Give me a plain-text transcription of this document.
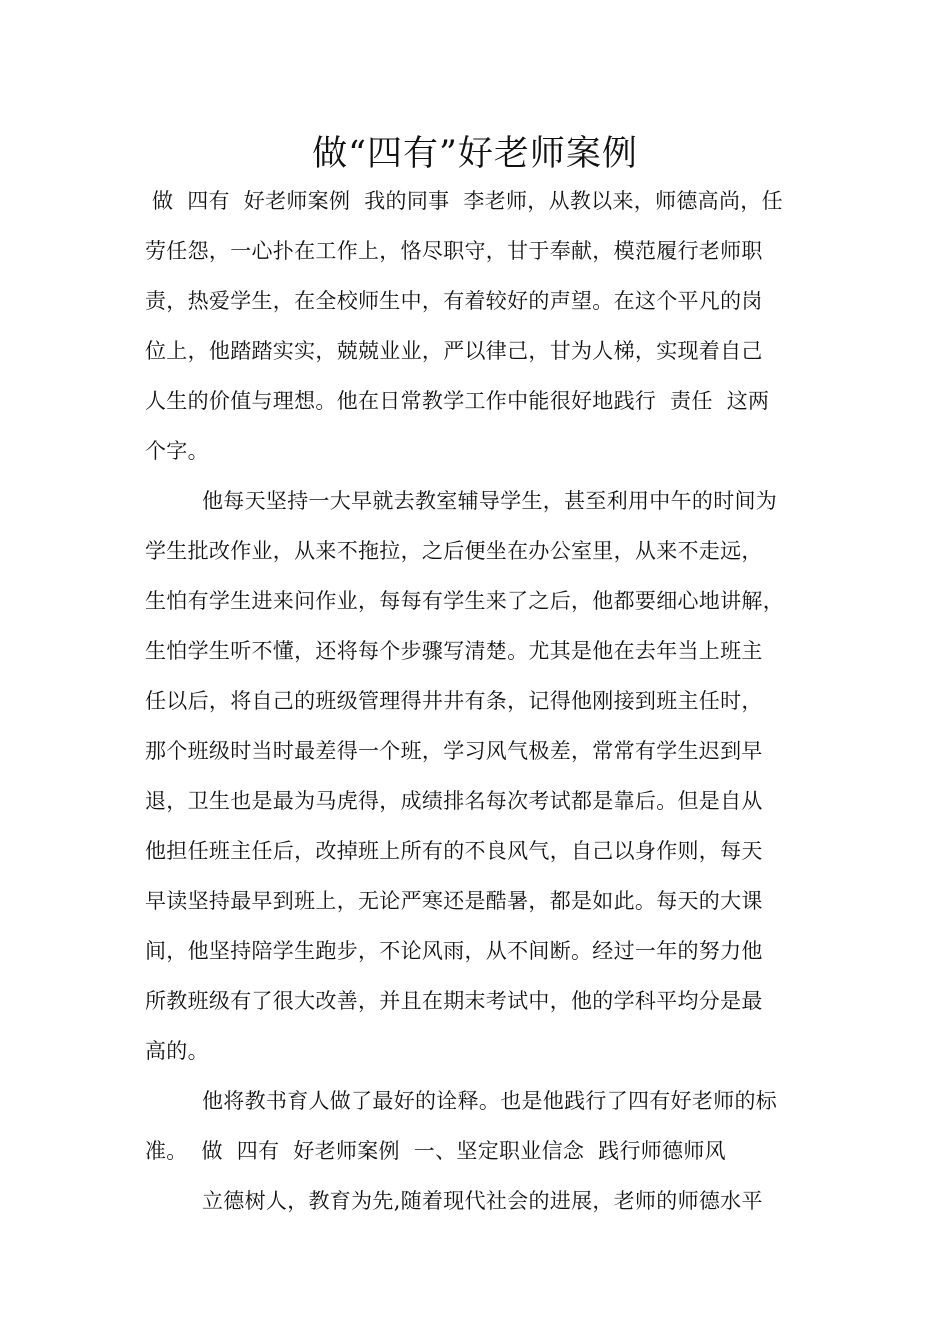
做“四有”好老师案例
做  四有  好老师案例  我的同事  李老师，从教以来，师德高尚，任
劳任怨，一心扑在工作上，恪尽职守，甘于奉献，模范履行老师职
责，热爱学生，在全校师生中，有着较好的声望。在这个平凡的岗
位上，他踏踏实实，兢兢业业，严以律己，甘为人梯，实现着自己
人生的价值与理想。他在日常教学工作中能很好地践行  责任  这两
个字。
他每天坚持一大早就去教室辅导学生，甚至利用中午的时间为
学生批改作业，从来不拖拉，之后便坐在办公室里，从来不走远，
生怕有学生进来问作业，每每有学生来了之后，他都要细心地讲解，
生怕学生听不懂，还将每个步骤写清楚。尤其是他在去年当上班主
任以后，将自己的班级管理得井井有条，记得他刚接到班主任时，
那个班级时当时最差得一个班，学习风气极差，常常有学生迟到早
退，卫生也是最为马虎得，成绩排名每次考试都是靠后。但是自从
他担任班主任后，改掉班上所有的不良风气，自己以身作则，每天
早读坚持最早到班上，无论严寒还是酷暑，都是如此。每天的大课
间，他坚持陪学生跑步，不论风雨，从不间断。经过一年的努力他
所教班级有了很大改善，并且在期末考试中，他的学科平均分是最
高的。
他将教书育人做了最好的诠释。也是他践行了四有好老师的标
准。  做  四有  好老师案例  一、坚定职业信念  践行师德师风
立德树人，教育为先,随着现代社会的进展，老师的师德水平
